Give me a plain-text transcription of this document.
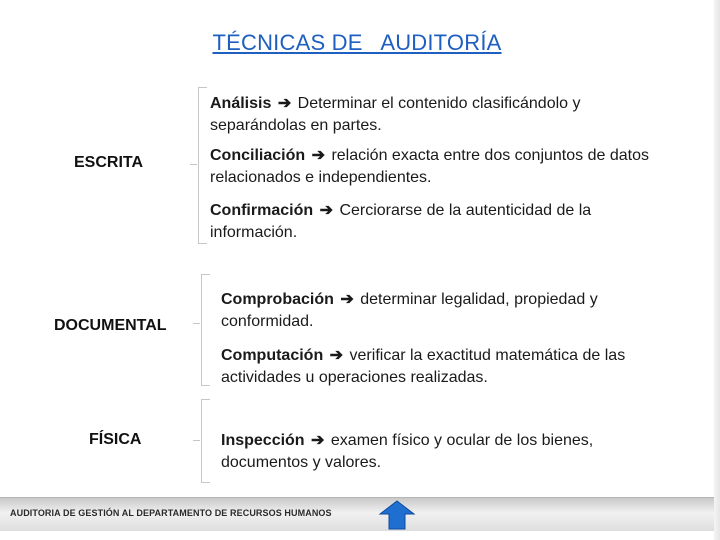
TÉCNICAS DE   AUDITORÍA
ESCRITA
Análisis ➔ Determinar el contenido clasificándolo y separándolas en partes.
Conciliación ➔ relación exacta entre dos conjuntos de datos relacionados e independientes.
Confirmación ➔ Cerciorarse de la autenticidad de la información.
DOCUMENTAL
Comprobación ➔ determinar legalidad, propiedad y conformidad.
Computación ➔ verificar la exactitud matemática de las actividades u operaciones realizadas.
FÍSICA	Inspección ➔ examen físico y ocular de los bienes, documentos y valores.
AUDITORIA DE GESTIÓN AL DEPARTAMENTO DE RECURSOS HUMANOS
